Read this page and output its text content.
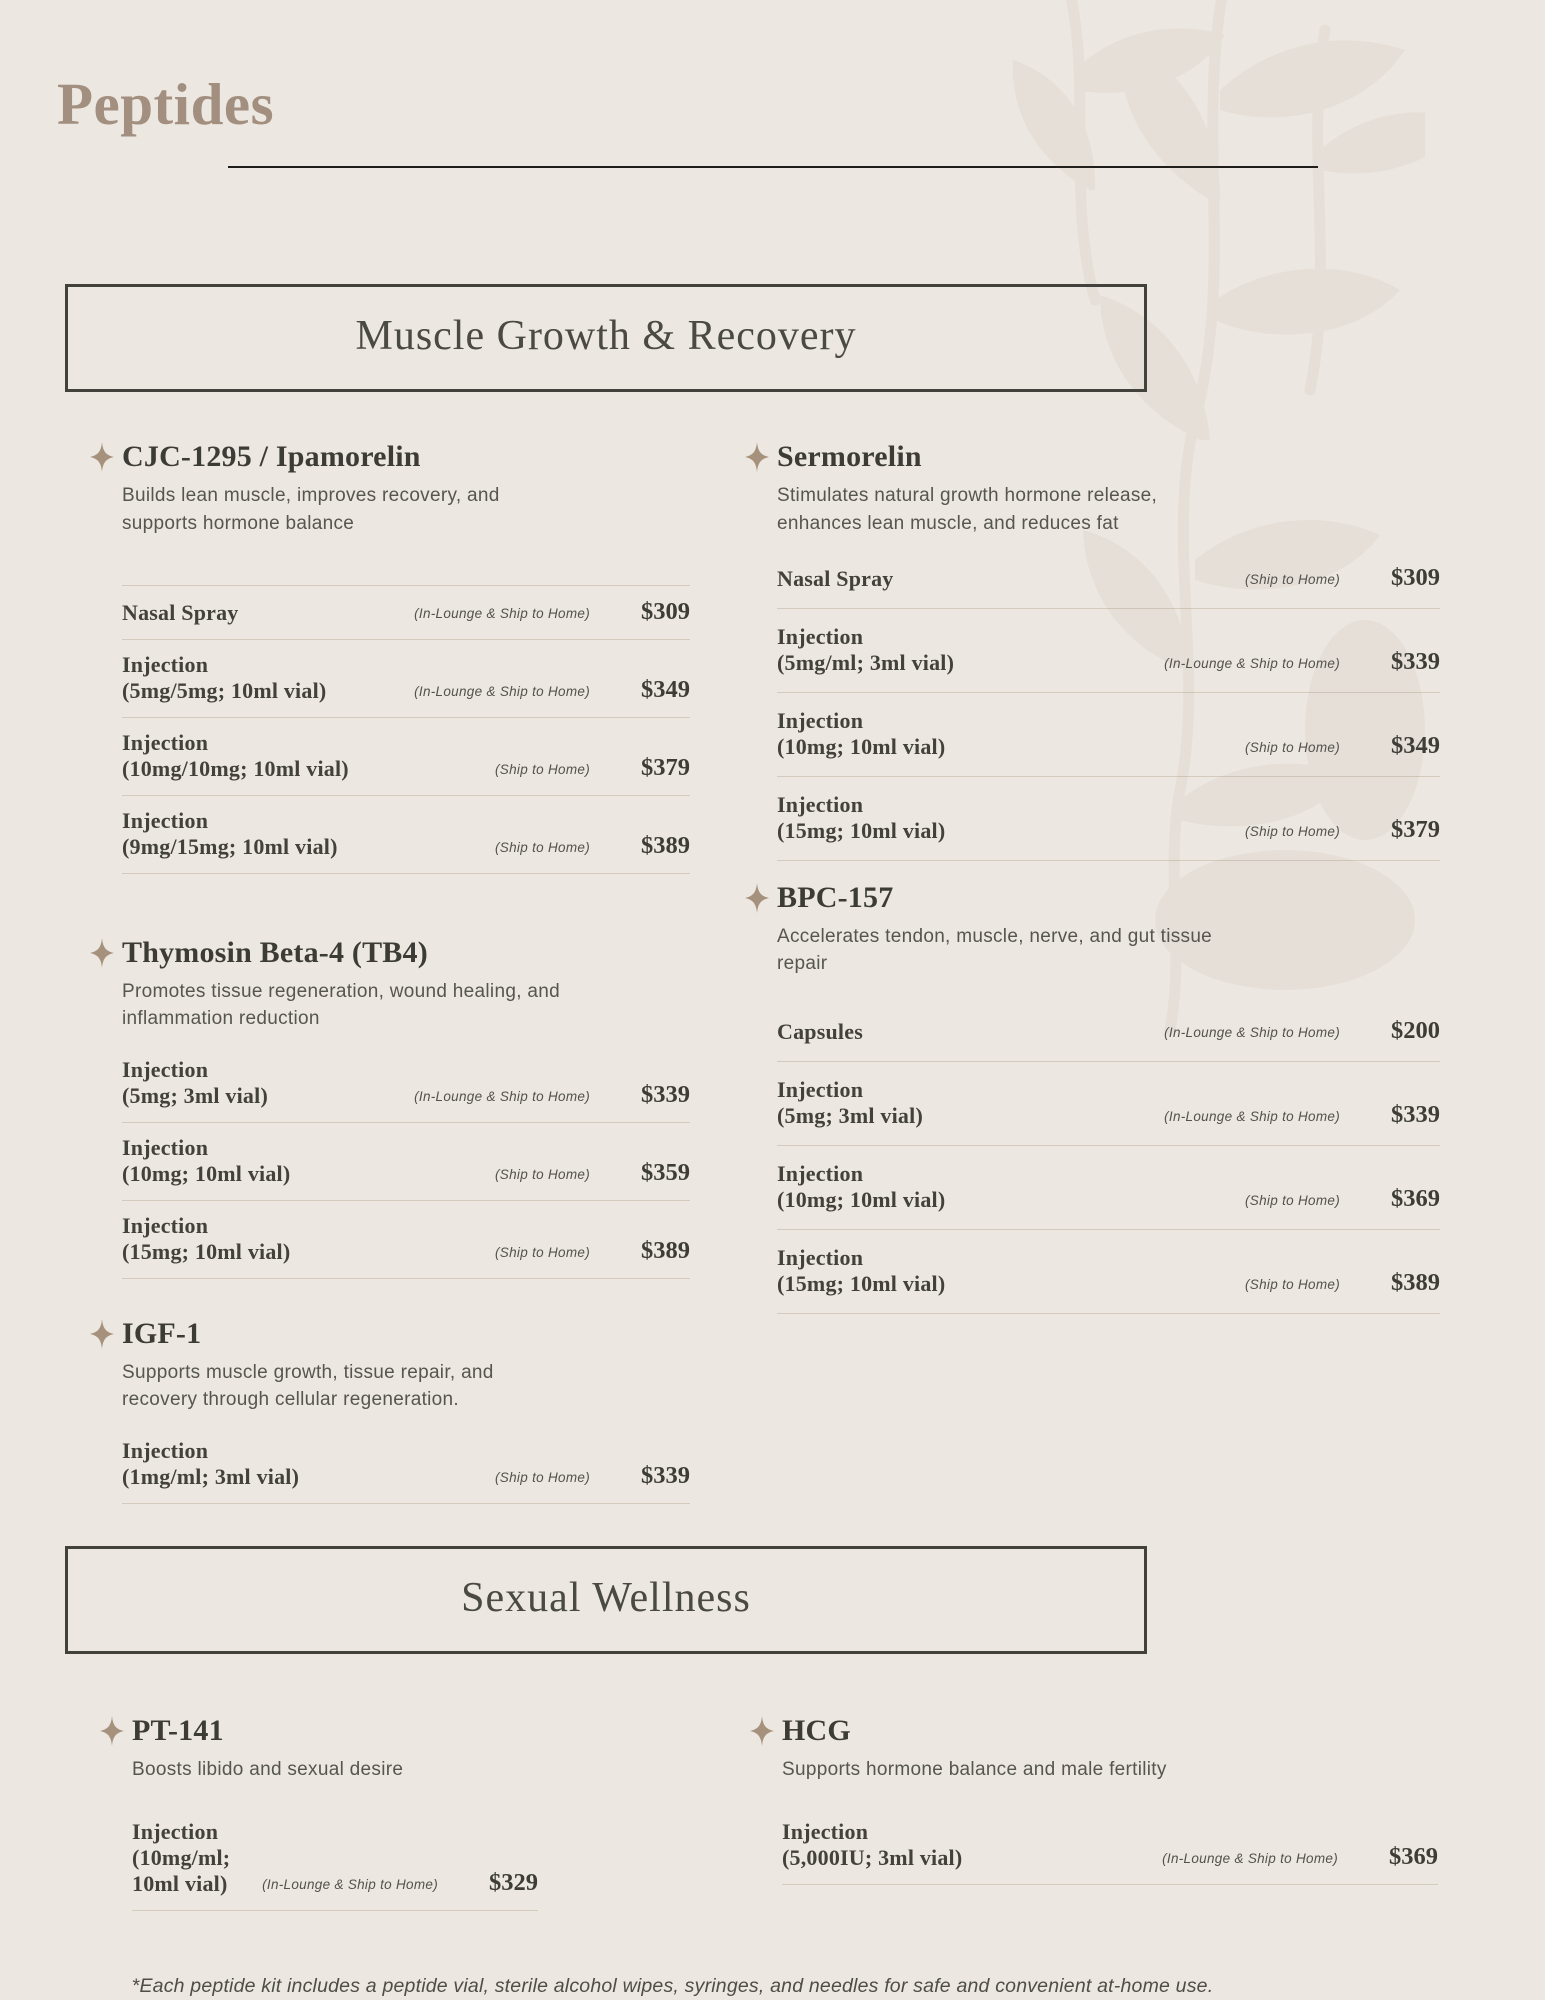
Peptides
Muscle Growth & Recovery
CJC-1295 / Ipamorelin

Builds lean muscle, improves recovery, and supports hormone balance

Nasal Spray	(In-Lounge & Ship to Home)	$309
Injection
(5mg/5mg; 10ml vial)	(In-Lounge & Ship to Home)	$349
Injection
(10mg/10mg; 10ml vial)	(Ship to Home)	$379
Injection
(9mg/15mg; 10ml vial)	(Ship to Home)	$389
Thymosin Beta-4 (TB4)

Promotes tissue regeneration, wound healing, and inflammation reduction

Injection
(5mg; 3ml vial)	(In-Lounge & Ship to Home)	$339
Injection
(10mg; 10ml vial)	(Ship to Home)	$359
Injection
(15mg; 10ml vial)	(Ship to Home)	$389
IGF-1

Supports muscle growth, tissue repair, and recovery through cellular regeneration.

Injection
(1mg/ml; 3ml vial)	(Ship to Home)	$339
Sermorelin

Stimulates natural growth hormone release, enhances lean muscle, and reduces fat

Nasal Spray	(Ship to Home)	$309
Injection
(5mg/ml; 3ml vial)	(In-Lounge & Ship to Home)	$339
Injection
(10mg; 10ml vial)	(Ship to Home)	$349
Injection
(15mg; 10ml vial)	(Ship to Home)	$379
BPC-157

Accelerates tendon, muscle, nerve, and gut tissue repair

Capsules	(In-Lounge & Ship to Home)	$200
Injection
(5mg; 3ml vial)	(In-Lounge & Ship to Home)	$339
Injection
(10mg; 10ml vial)	(Ship to Home)	$369
Injection
(15mg; 10ml vial)	(Ship to Home)	$389
Sexual Wellness
PT-141

Boosts libido and sexual desire

Injection
(10mg/ml; 10ml vial)	(In-Lounge & Ship to Home)	$329
HCG

Supports hormone balance and male fertility

Injection
(5,000IU; 3ml vial)	(In-Lounge & Ship to Home)	$369

*Each peptide kit includes a peptide vial, sterile alcohol wipes, syringes, and needles for safe and convenient at-home use.
